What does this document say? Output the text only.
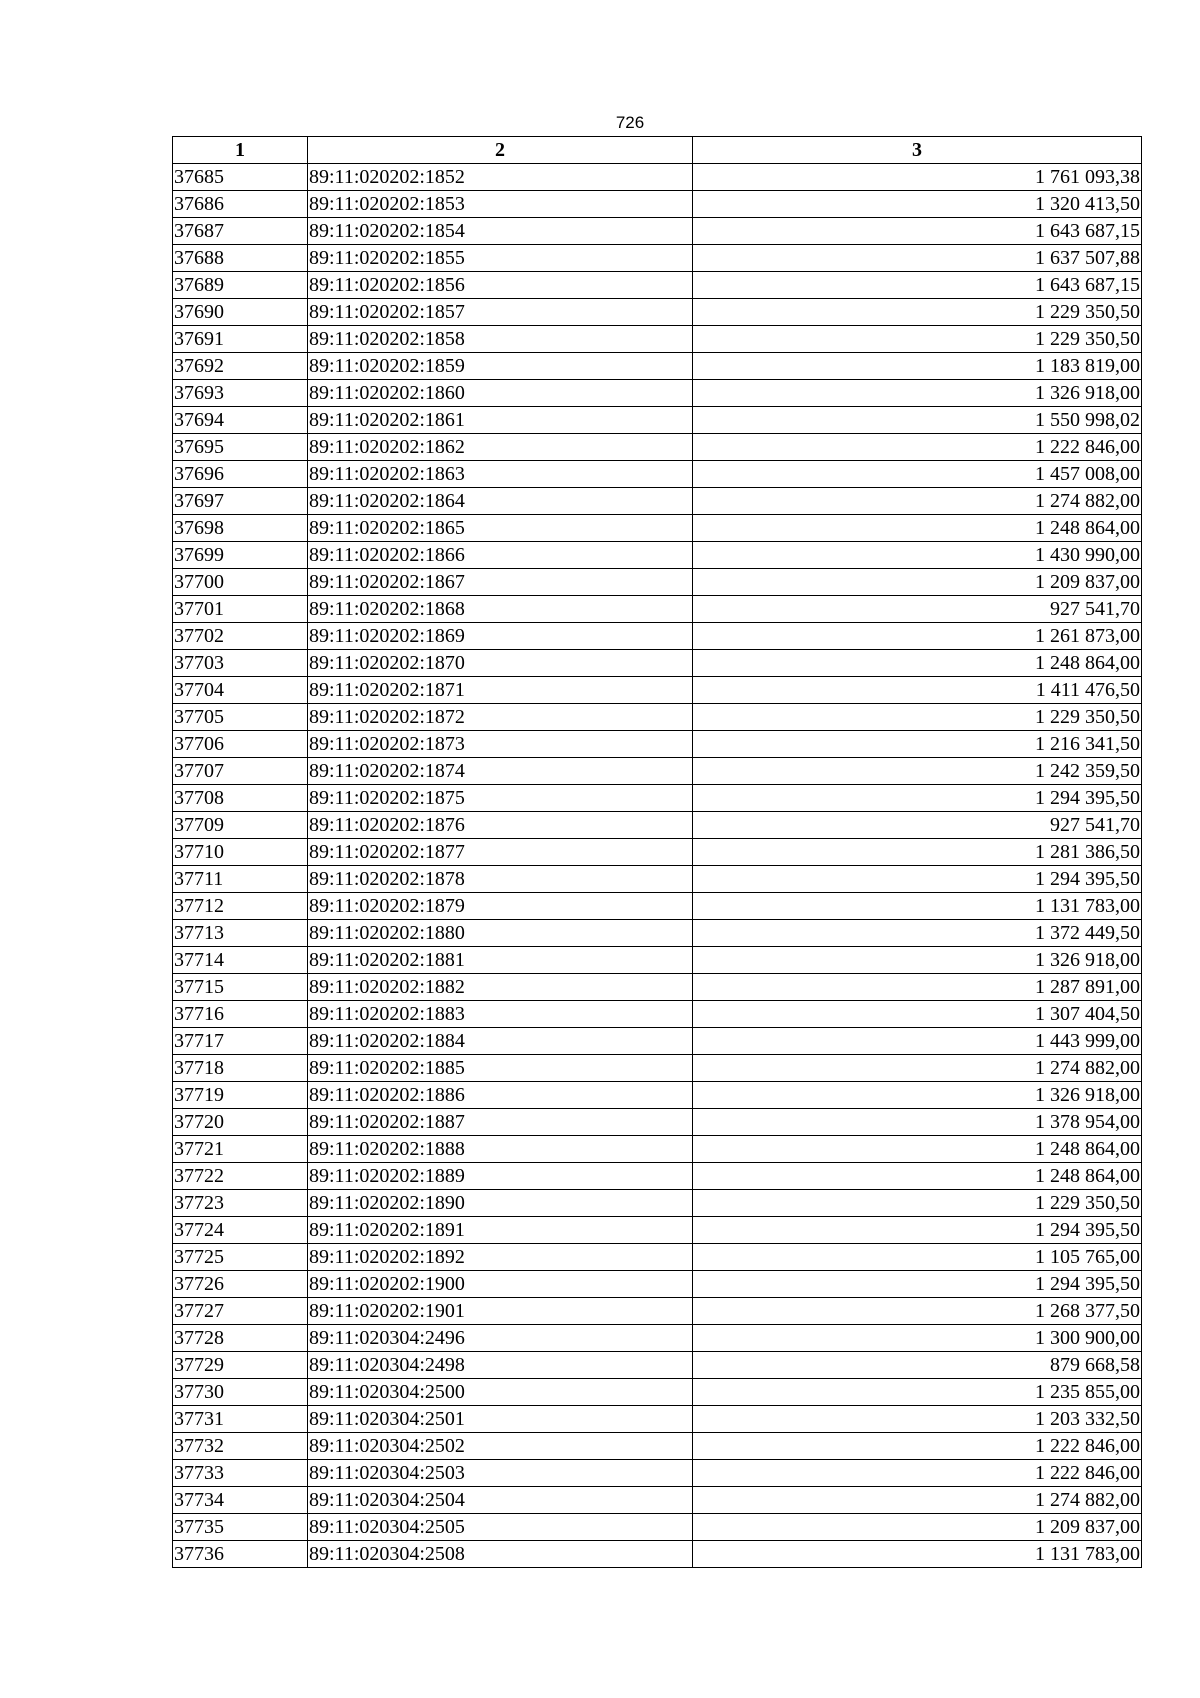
726
1	2	3
37685	89:11:020202:1852	1 761 093,38
37686	89:11:020202:1853	1 320 413,50
37687	89:11:020202:1854	1 643 687,15
37688	89:11:020202:1855	1 637 507,88
37689	89:11:020202:1856	1 643 687,15
37690	89:11:020202:1857	1 229 350,50
37691	89:11:020202:1858	1 229 350,50
37692	89:11:020202:1859	1 183 819,00
37693	89:11:020202:1860	1 326 918,00
37694	89:11:020202:1861	1 550 998,02
37695	89:11:020202:1862	1 222 846,00
37696	89:11:020202:1863	1 457 008,00
37697	89:11:020202:1864	1 274 882,00
37698	89:11:020202:1865	1 248 864,00
37699	89:11:020202:1866	1 430 990,00
37700	89:11:020202:1867	1 209 837,00
37701	89:11:020202:1868	927 541,70
37702	89:11:020202:1869	1 261 873,00
37703	89:11:020202:1870	1 248 864,00
37704	89:11:020202:1871	1 411 476,50
37705	89:11:020202:1872	1 229 350,50
37706	89:11:020202:1873	1 216 341,50
37707	89:11:020202:1874	1 242 359,50
37708	89:11:020202:1875	1 294 395,50
37709	89:11:020202:1876	927 541,70
37710	89:11:020202:1877	1 281 386,50
37711	89:11:020202:1878	1 294 395,50
37712	89:11:020202:1879	1 131 783,00
37713	89:11:020202:1880	1 372 449,50
37714	89:11:020202:1881	1 326 918,00
37715	89:11:020202:1882	1 287 891,00
37716	89:11:020202:1883	1 307 404,50
37717	89:11:020202:1884	1 443 999,00
37718	89:11:020202:1885	1 274 882,00
37719	89:11:020202:1886	1 326 918,00
37720	89:11:020202:1887	1 378 954,00
37721	89:11:020202:1888	1 248 864,00
37722	89:11:020202:1889	1 248 864,00
37723	89:11:020202:1890	1 229 350,50
37724	89:11:020202:1891	1 294 395,50
37725	89:11:020202:1892	1 105 765,00
37726	89:11:020202:1900	1 294 395,50
37727	89:11:020202:1901	1 268 377,50
37728	89:11:020304:2496	1 300 900,00
37729	89:11:020304:2498	879 668,58
37730	89:11:020304:2500	1 235 855,00
37731	89:11:020304:2501	1 203 332,50
37732	89:11:020304:2502	1 222 846,00
37733	89:11:020304:2503	1 222 846,00
37734	89:11:020304:2504	1 274 882,00
37735	89:11:020304:2505	1 209 837,00
37736	89:11:020304:2508	1 131 783,00
